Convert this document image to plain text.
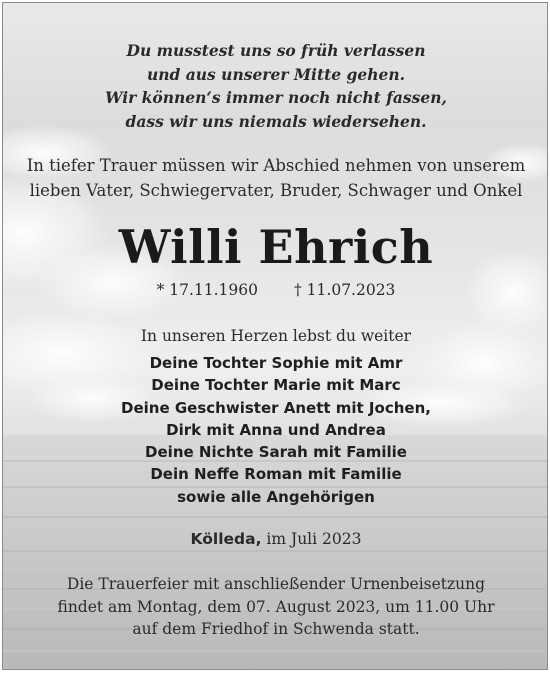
Du musstest uns so früh verlassen
und aus unserer Mitte gehen.
Wir können‘s immer noch nicht fassen,
dass wir uns niemals wiedersehen.
In tiefer Trauer müssen wir Abschied nehmen von unserem
lieben Vater, Schwiegervater, Bruder, Schwager und Onkel
Willi Ehrich
* 17.11.1960 † 11.07.2023
In unseren Herzen lebst du weiter
Deine Tochter Sophie mit Amr
Deine Tochter Marie mit Marc
Deine Geschwister Anett mit Jochen,
Dirk mit Anna und Andrea
Deine Nichte Sarah mit Familie
Dein Neffe Roman mit Familie
sowie alle Angehörigen
Kölleda, im Juli 2023
Die Trauerfeier mit anschließender Urnenbeisetzung
findet am Montag, dem 07. August 2023, um 11.00 Uhr
auf dem Friedhof in Schwenda statt.
